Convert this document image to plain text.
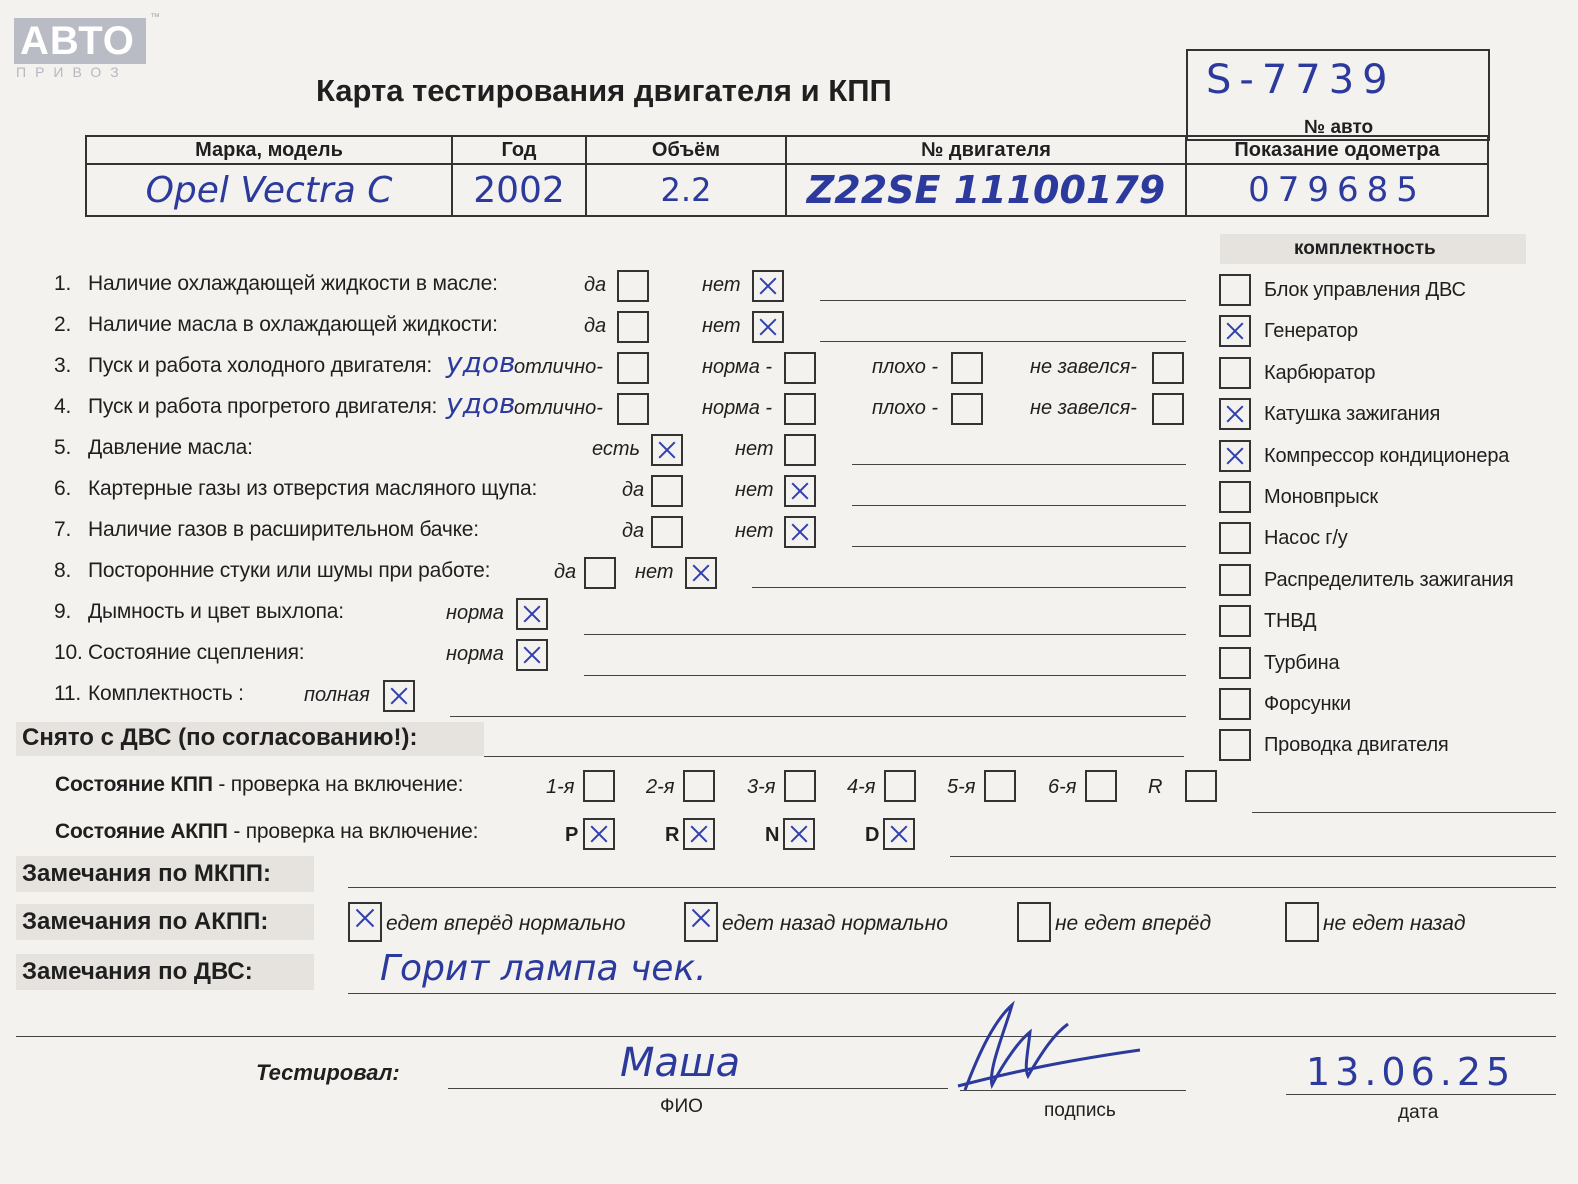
АВТО
ПРИВОЗ
™
Карта тестирования двигателя и КПП	S-7739
№ авто
Марка, модель	Год	Объём	№ двигателя	Показание одометра
Opel Vectra C	2002	2.2	Z22SE 11100179	079685
комплектность
Блок управления ДВС
Генератор
Карбюратор
Катушка зажигания
Компрессор кондиционера
Моновпрыск
Насос г/у
Распределитель зажигания
ТНВД
Турбина
Форсунки
Проводка двигателя
1. Наличие охлаждающей жидкости в масле:	да	нет
2. Наличие масла в охлаждающей жидкости:	да	нет
3. Пуск и работа холодного двигателя: удов
отлично-	норма -	плохо -	не завелся-
4. Пуск и работа прогретого двигателя: удов
отлично-	норма -	плохо -	не завелся-
5. Давление масла:	есть	нет
6. Картерные газы из отверстия масляного щупа:	да	нет
7. Наличие газов в расширительном бачке:	да	нет
8. Посторонние стуки или шумы при работе:	да	нет
9. Дымность и цвет выхлопа:	норма
10. Состояние сцепления:	норма
11. Комплектность :	полная
Снято с ДВС (по согласованию!):
Состояние КПП - проверка на включение:	1-я	2-я	3-я	4-я	5-я	6-я	R
Состояние АКПП - проверка на включение:	P	R	N	D
Замечания по МКПП:
Замечания по АКПП:	едет вперёд нормально	едет назад нормально	не едет вперёд	не едет назад
Замечания по ДВС:	Горит лампа чек.
Тестировал:	Маша
ФИО	подпись
13.06.25
дата
